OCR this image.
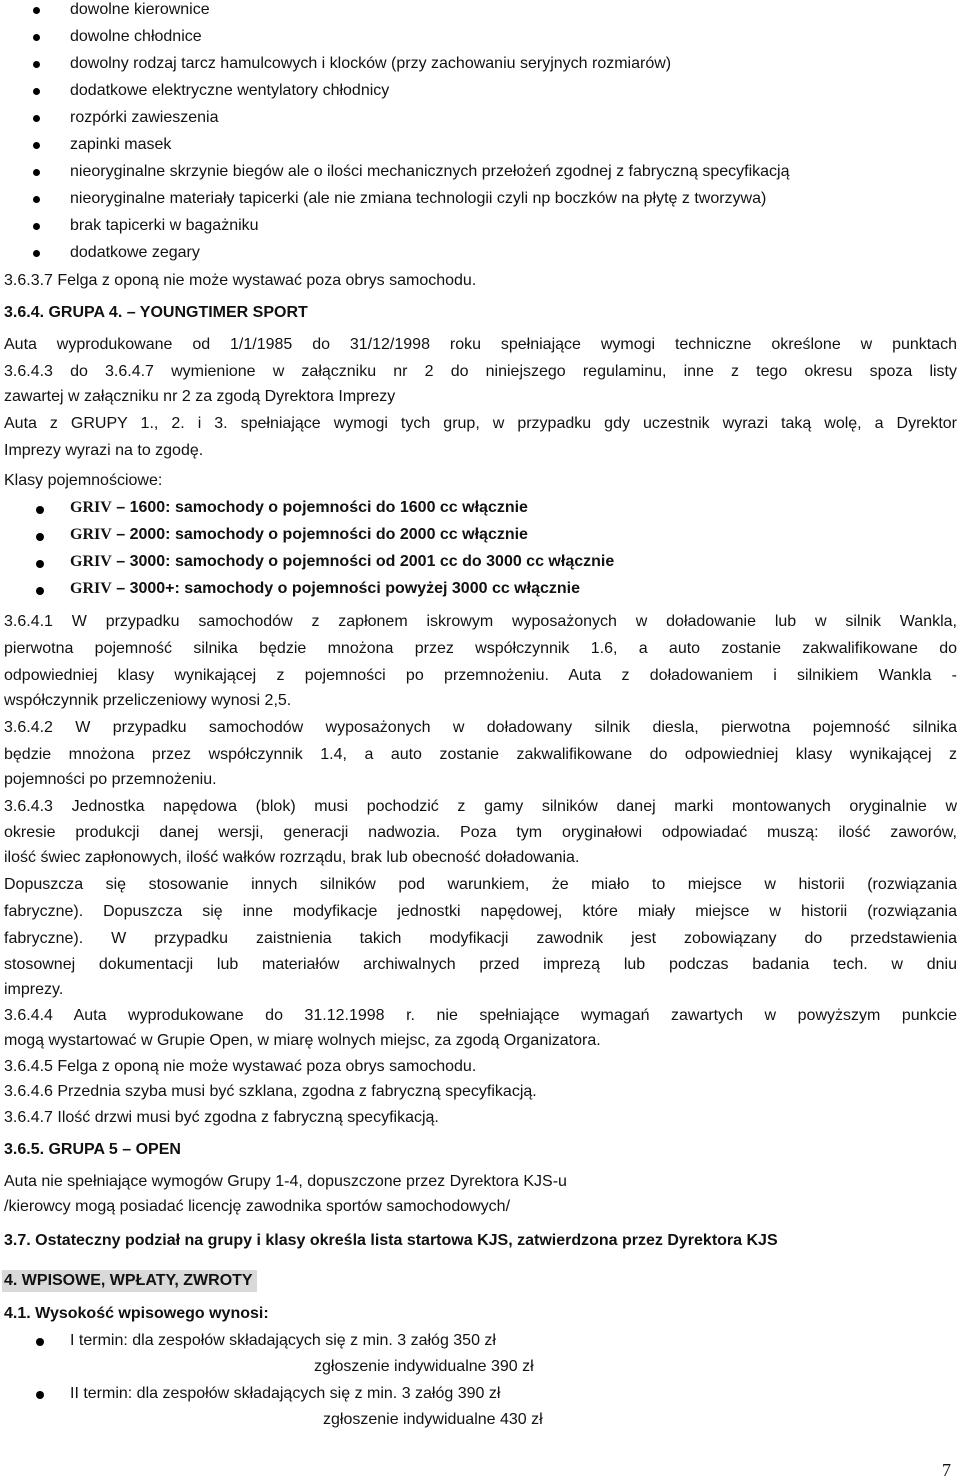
dowolne kierownice
dowolne chłodnice
dowolny rodzaj tarcz hamulcowych i klocków (przy zachowaniu seryjnych rozmiarów)
dodatkowe elektryczne wentylatory chłodnicy
rozpórki zawieszenia
zapinki masek
nieoryginalne skrzynie biegów ale o ilości mechanicznych przełożeń zgodnej z fabryczną specyfikacją
nieoryginalne materiały tapicerki (ale nie zmiana technologii czyli np boczków na płytę z tworzywa)
brak tapicerki w bagażniku
dodatkowe zegary
3.6.3.7 Felga z oponą nie może wystawać poza obrys samochodu.
3.6.4. GRUPA 4. – YOUNGTIMER SPORT
Auta wyprodukowane od 1/1/1985 do 31/12/1998 roku spełniające wymogi techniczne określone w punktach
3.6.4.3 do 3.6.4.7 wymienione w załączniku nr 2 do niniejszego regulaminu, inne z tego okresu spoza listy
zawartej w załączniku nr 2 za zgodą Dyrektora Imprezy
Auta z GRUPY 1., 2. i 3. spełniające wymogi tych grup, w przypadku gdy uczestnik wyrazi taką wolę, a Dyrektor
Imprezy wyrazi na to zgodę.
Klasy pojemnościowe:
GRIV – 1600: samochody o pojemności do 1600 cc włącznie
GRIV – 2000: samochody o pojemności do 2000 cc włącznie
GRIV – 3000: samochody o pojemności od 2001 cc do 3000 cc włącznie
GRIV – 3000+: samochody o pojemności powyżej 3000 cc włącznie
3.6.4.1 W przypadku samochodów z zapłonem iskrowym wyposażonych w doładowanie lub w silnik Wankla,
pierwotna pojemność silnika będzie mnożona przez współczynnik 1.6, a auto zostanie zakwalifikowane do
odpowiedniej klasy wynikającej z pojemności po przemnożeniu. Auta z doładowaniem i silnikiem Wankla -
współczynnik przeliczeniowy wynosi 2,5.
3.6.4.2 W przypadku samochodów wyposażonych w doładowany silnik diesla, pierwotna pojemność silnika
będzie mnożona przez współczynnik 1.4, a auto zostanie zakwalifikowane do odpowiedniej klasy wynikającej z
pojemności po przemnożeniu.
3.6.4.3 Jednostka napędowa (blok) musi pochodzić z gamy silników danej marki montowanych oryginalnie w
okresie produkcji danej wersji, generacji nadwozia. Poza tym oryginałowi odpowiadać muszą: ilość zaworów,
ilość świec zapłonowych, ilość wałków rozrządu, brak lub obecność doładowania.
Dopuszcza się stosowanie innych silników pod warunkiem, że miało to miejsce w historii (rozwiązania
fabryczne). Dopuszcza się inne modyfikacje jednostki napędowej, które miały miejsce w historii (rozwiązania
fabryczne). W przypadku zaistnienia takich modyfikacji zawodnik jest zobowiązany do przedstawienia
stosownej dokumentacji lub materiałów archiwalnych przed imprezą lub podczas badania tech. w dniu
imprezy.
3.6.4.4 Auta wyprodukowane do 31.12.1998 r. nie spełniające wymagań zawartych w powyższym punkcie
mogą wystartować w Grupie Open, w miarę wolnych miejsc, za zgodą Organizatora.
3.6.4.5 Felga z oponą nie może wystawać poza obrys samochodu.
3.6.4.6 Przednia szyba musi być szklana, zgodna z fabryczną specyfikacją.
3.6.4.7 Ilość drzwi musi być zgodna z fabryczną specyfikacją.
3.6.5. GRUPA 5 – OPEN
Auta nie spełniające wymogów Grupy 1-4, dopuszczone przez Dyrektora KJS-u
/kierowcy mogą posiadać licencję zawodnika sportów samochodowych/
3.7. Ostateczny podział na grupy i klasy określa lista startowa KJS, zatwierdzona przez Dyrektora KJS
4. WPISOWE, WPŁATY, ZWROTY
4.1. Wysokość wpisowego wynosi:
I termin: dla zespołów składających się z min. 3 załóg 350 zł
zgłoszenie indywidualne 390 zł
II termin: dla zespołów składających się z min. 3 załóg 390 zł
zgłoszenie indywidualne 430 zł
7
